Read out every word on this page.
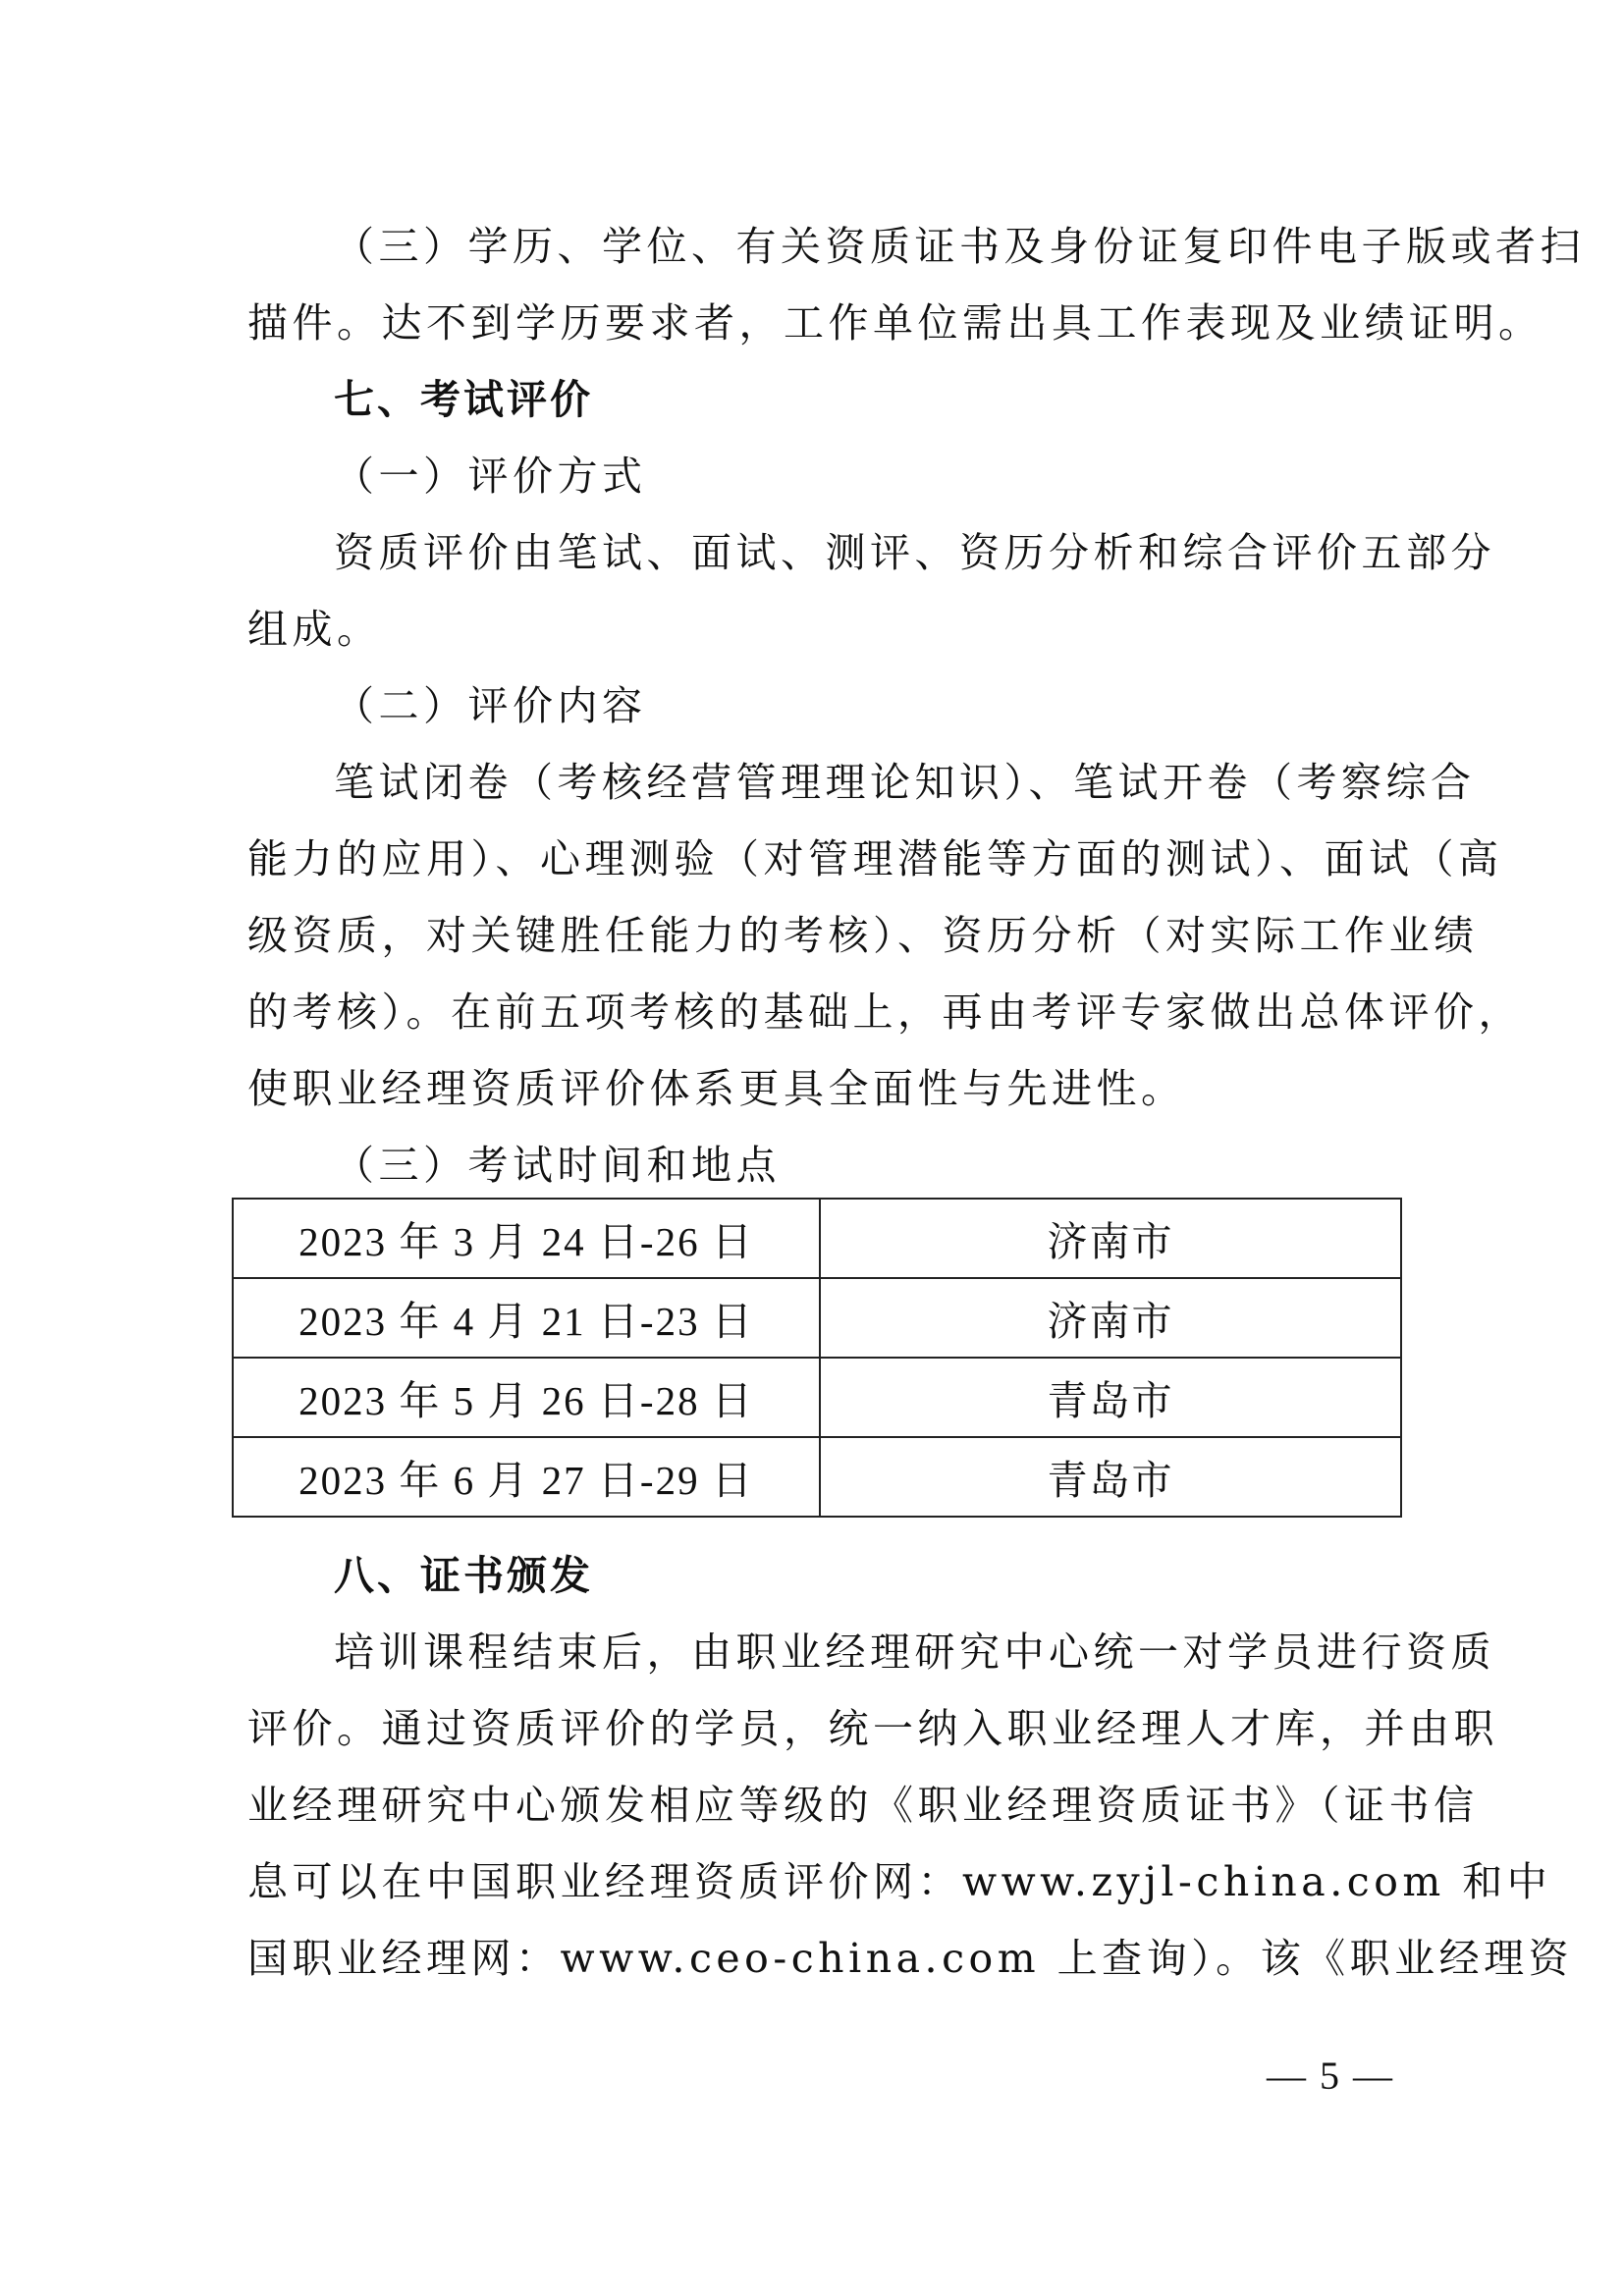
（三）学历、学位、有关资质证书及身份证复印件电子版或者扫

描件。达不到学历要求者，工作单位需出具工作表现及业绩证明。

七、考试评价

（一）评价方式

资质评价由笔试、面试、测评、资历分析和综合评价五部分

组成。

（二）评价内容

笔试闭卷（考核经营管理理论知识）、笔试开卷（考察综合

能力的应用）、心理测验（对管理潜能等方面的测试）、面试（高

级资质，对关键胜任能力的考核）、资历分析（对实际工作业绩

的考核）。在前五项考核的基础上，再由考评专家做出总体评价，

使职业经理资质评价体系更具全面性与先进性。

（三）考试时间和地点

2023 年 3 月 24 日-26 日	济南市
2023 年 4 月 21 日-23 日	济南市
2023 年 5 月 26 日-28 日	青岛市
2023 年 6 月 27 日-29 日	青岛市

八、证书颁发

培训课程结束后，由职业经理研究中心统一对学员进行资质

评价。通过资质评价的学员，统一纳入职业经理人才库，并由职

业经理研究中心颁发相应等级的《职业经理资质证书》（证书信

息可以在中国职业经理资质评价网：www.zyjl-china.com 和中

国职业经理网：www.ceo-china.com 上查询）。该《职业经理资

— 5 —
